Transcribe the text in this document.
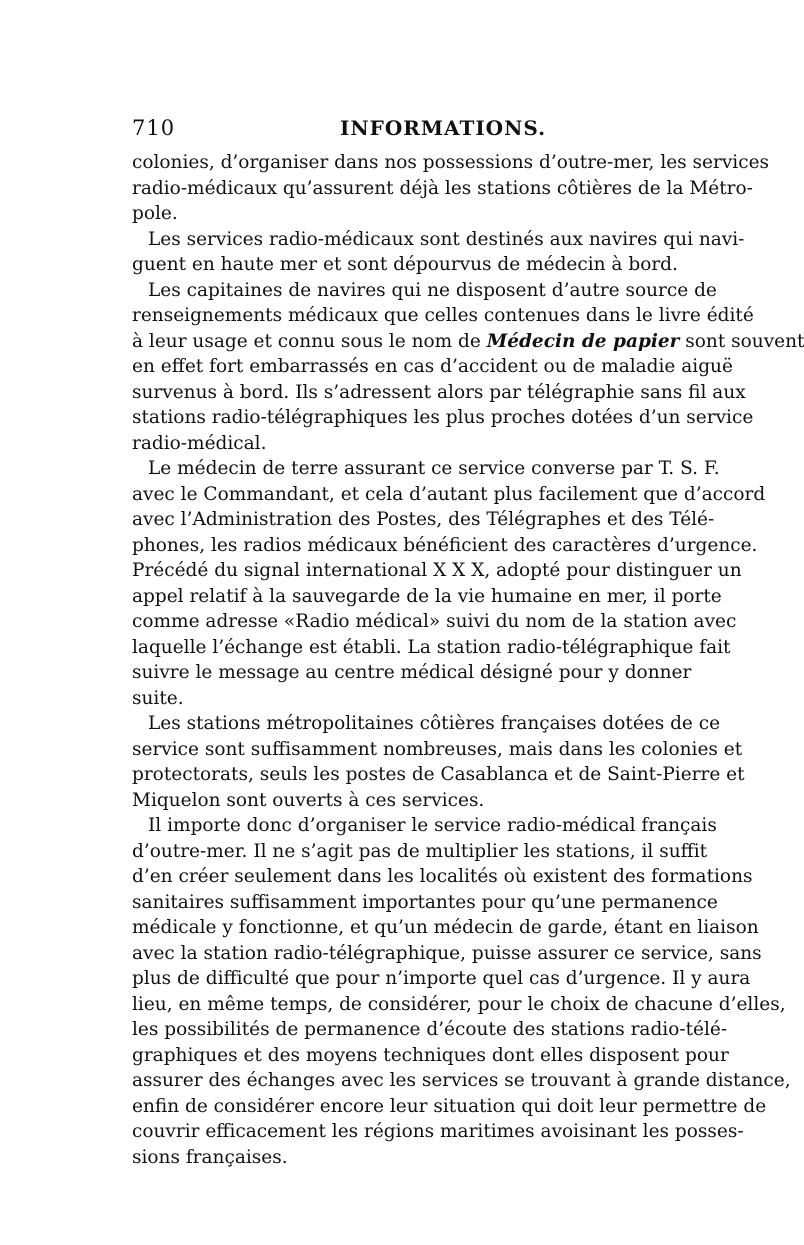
710	INFORMATIONS.
colonies, d’organiser dans nos possessions d’outre-mer, les services
radio-médicaux qu’assurent déjà les stations côtières de la Métro-
pole.
Les services radio-médicaux sont destinés aux navires qui navi-
guent en haute mer et sont dépourvus de médecin à bord.
Les capitaines de navires qui ne disposent d’autre source de
renseignements médicaux que celles contenues dans le livre édité
à leur usage et connu sous le nom de Médecin de papier sont souvent
en effet fort embarrassés en cas d’accident ou de maladie aiguë
survenus à bord. Ils s’adressent alors par télégraphie sans fil aux
stations radio-télégraphiques les plus proches dotées d’un service
radio-médical.
Le médecin de terre assurant ce service converse par T. S. F.
avec le Commandant, et cela d’autant plus facilement que d’accord
avec l’Administration des Postes, des Télégraphes et des Télé-
phones, les radios médicaux bénéficient des caractères d’urgence.
Précédé du signal international X X X, adopté pour distinguer un
appel relatif à la sauvegarde de la vie humaine en mer, il porte
comme adresse «Radio médical» suivi du nom de la station avec
laquelle l’échange est établi. La station radio-télégraphique fait
suivre le message au centre médical désigné pour y donner
suite.
Les stations métropolitaines côtières françaises dotées de ce
service sont suffisamment nombreuses, mais dans les colonies et
protectorats, seuls les postes de Casablanca et de Saint-Pierre et
Miquelon sont ouverts à ces services.
Il importe donc d’organiser le service radio-médical français
d’outre-mer. Il ne s’agit pas de multiplier les stations, il suffit
d’en créer seulement dans les localités où existent des formations
sanitaires suffisamment importantes pour qu’une permanence
médicale y fonctionne, et qu’un médecin de garde, étant en liaison
avec la station radio-télégraphique, puisse assurer ce service, sans
plus de difficulté que pour n’importe quel cas d’urgence. Il y aura
lieu, en même temps, de considérer, pour le choix de chacune d’elles,
les possibilités de permanence d’écoute des stations radio-télé-
graphiques et des moyens techniques dont elles disposent pour
assurer des échanges avec les services se trouvant à grande distance,
enfin de considérer encore leur situation qui doit leur permettre de
couvrir efficacement les régions maritimes avoisinant les posses-
sions françaises.
